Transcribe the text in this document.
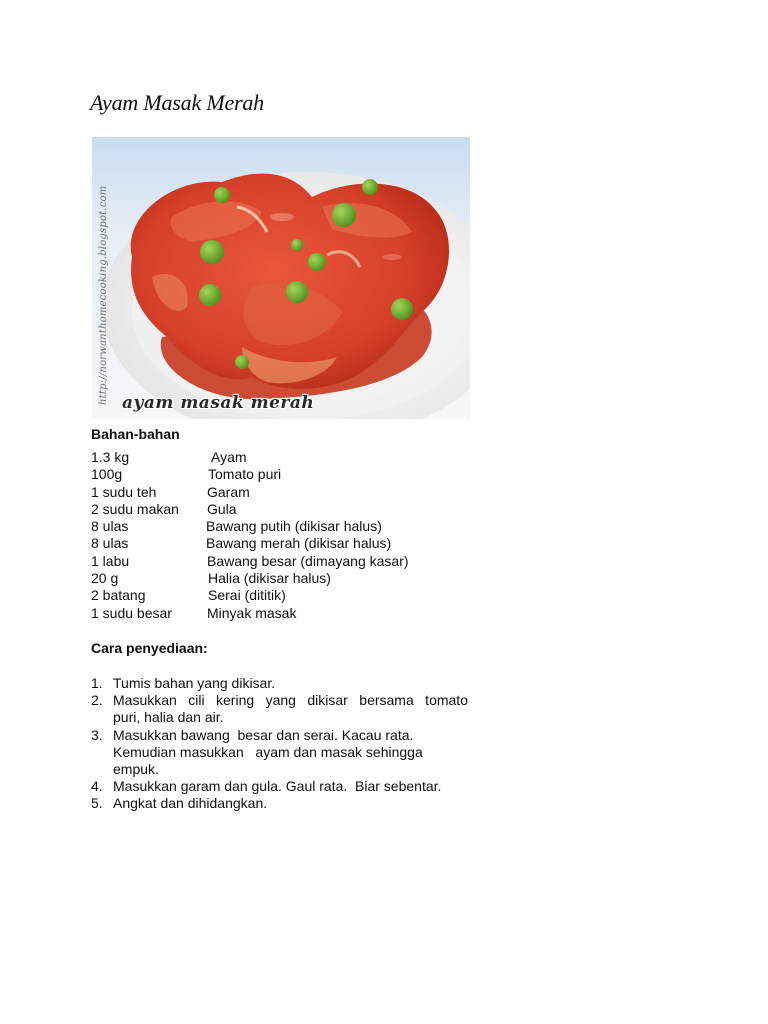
Ayam Masak Merah
ayam masak merah
http://norwanthomecooking.blogspot.com
Bahan-bahan
1.3 kg	Ayam
100g	Tomato puri
1 sudu teh	Garam
2 sudu makan Gula
8 ulas	Bawang putih (dikisar halus)
8 ulas	Bawang merah (dikisar halus)
1 labu	Bawang besar (dimayang kasar)
20 g	Halia (dikisar halus)
2 batang	Serai (dititik)
1 sudu besar	Minyak masak
Cara penyediaan:
1. Tumis bahan yang dikisar.
2. Masukkan cili kering yang dikisar bersama tomato
puri, halia dan air.
3. Masukkan bawang  besar dan serai. Kacau rata.
Kemudian masukkan   ayam dan masak sehingga
empuk.
4. Masukkan garam dan gula. Gaul rata.  Biar sebentar.
5. Angkat dan dihidangkan.
